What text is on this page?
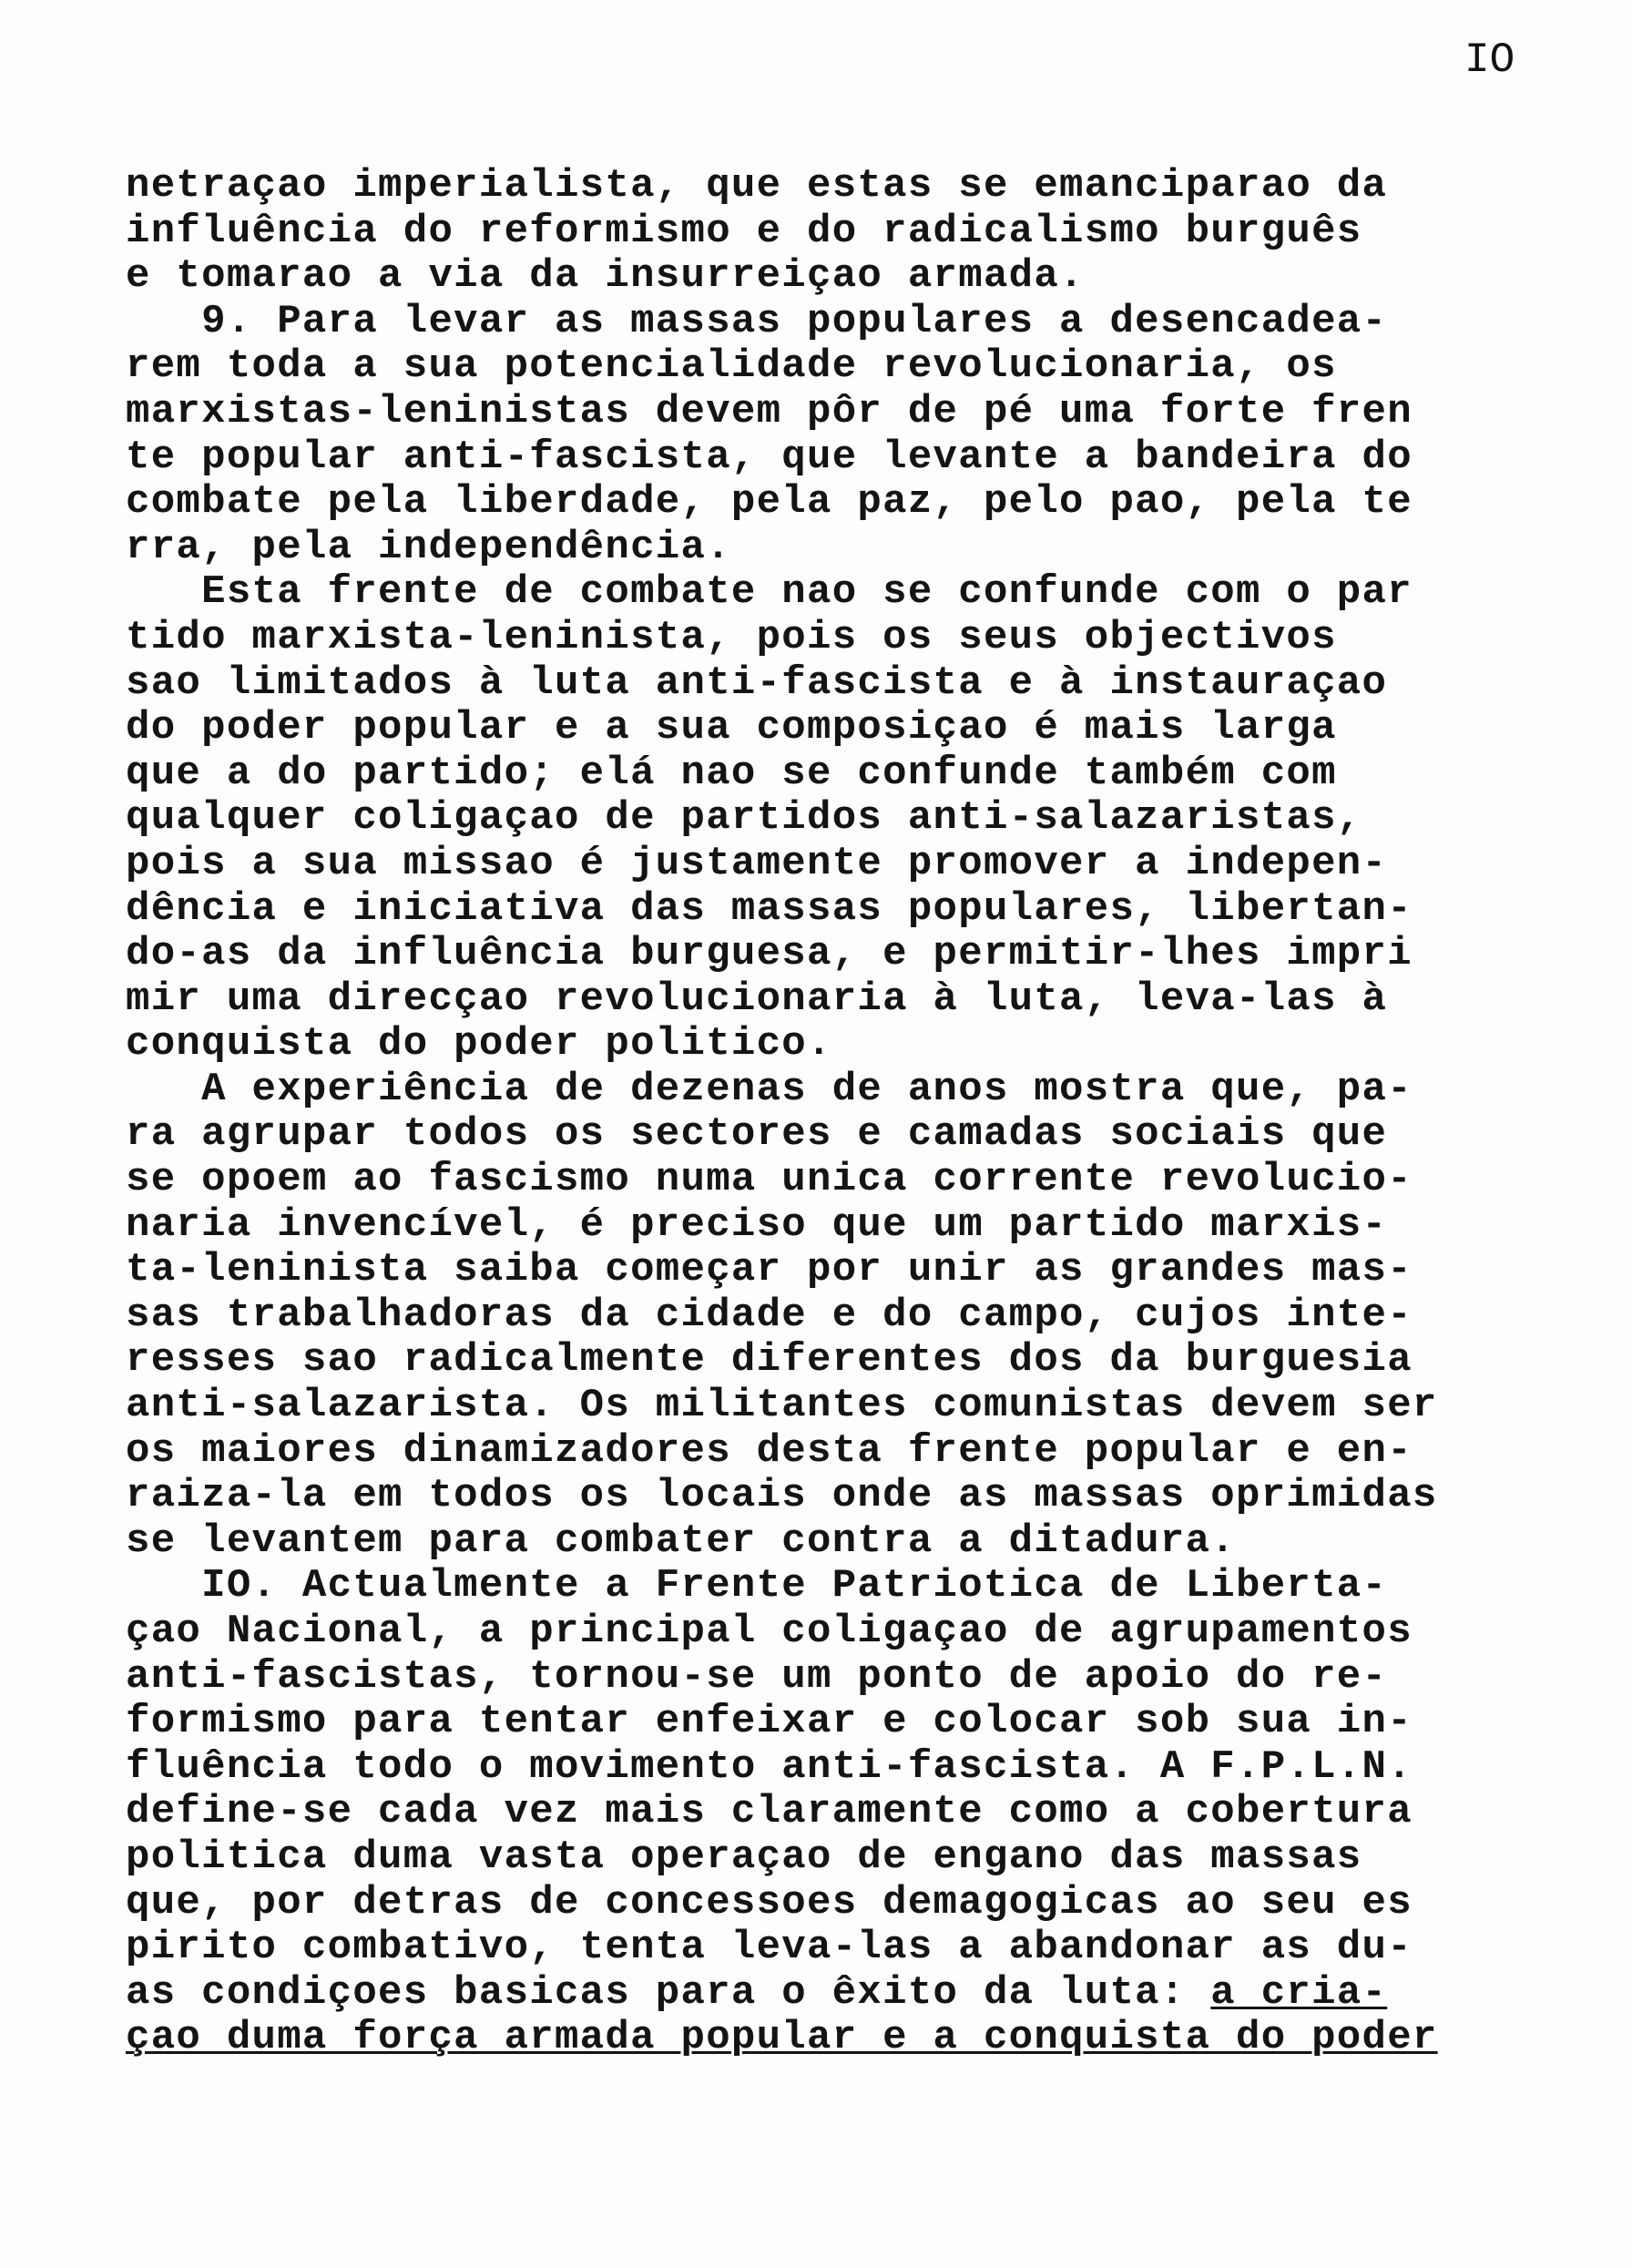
IO
netraçao imperialista, que estas se emanciparao da
influência do reformismo e do radicalismo burguês
e tomarao a via da insurreiçao armada.
9. Para levar as massas populares a desencadea-
rem toda a sua potencialidade revolucionaria, os
marxistas-leninistas devem pôr de pé uma forte fren
te popular anti-fascista, que levante a bandeira do
combate pela liberdade, pela paz, pelo pao, pela te
rra, pela independência.
Esta frente de combate nao se confunde com o par
tido marxista-leninista, pois os seus objectivos
sao limitados à luta anti-fascista e à instauraçao
do poder popular e a sua composiçao é mais larga
que a do partido; elá nao se confunde também com
qualquer coligaçao de partidos anti-salazaristas,
pois a sua missao é justamente promover a indepen-
dência e iniciativa das massas populares, libertan-
do-as da influência burguesa, e permitir-lhes impri
mir uma direcçao revolucionaria à luta, leva-las à
conquista do poder politico.
A experiência de dezenas de anos mostra que, pa-
ra agrupar todos os sectores e camadas sociais que
se opoem ao fascismo numa unica corrente revolucio-
naria invencível, é preciso que um partido marxis-
ta-leninista saiba começar por unir as grandes mas-
sas trabalhadoras da cidade e do campo, cujos inte-
resses sao radicalmente diferentes dos da burguesia
anti-salazarista. Os militantes comunistas devem ser
os maiores dinamizadores desta frente popular e en-
raiza-la em todos os locais onde as massas oprimidas
se levantem para combater contra a ditadura.
IO. Actualmente a Frente Patriotica de Liberta-
çao Nacional, a principal coligaçao de agrupamentos
anti-fascistas, tornou-se um ponto de apoio do re-
formismo para tentar enfeixar e colocar sob sua in-
fluência todo o movimento anti-fascista. A F.P.L.N.
define-se cada vez mais claramente como a cobertura
politica duma vasta operaçao de engano das massas
que, por detras de concessoes demagogicas ao seu es
pirito combativo, tenta leva-las a abandonar as du-
as condiçoes basicas para o êxito da luta: a cria-
çao duma força armada popular e a conquista do poder
